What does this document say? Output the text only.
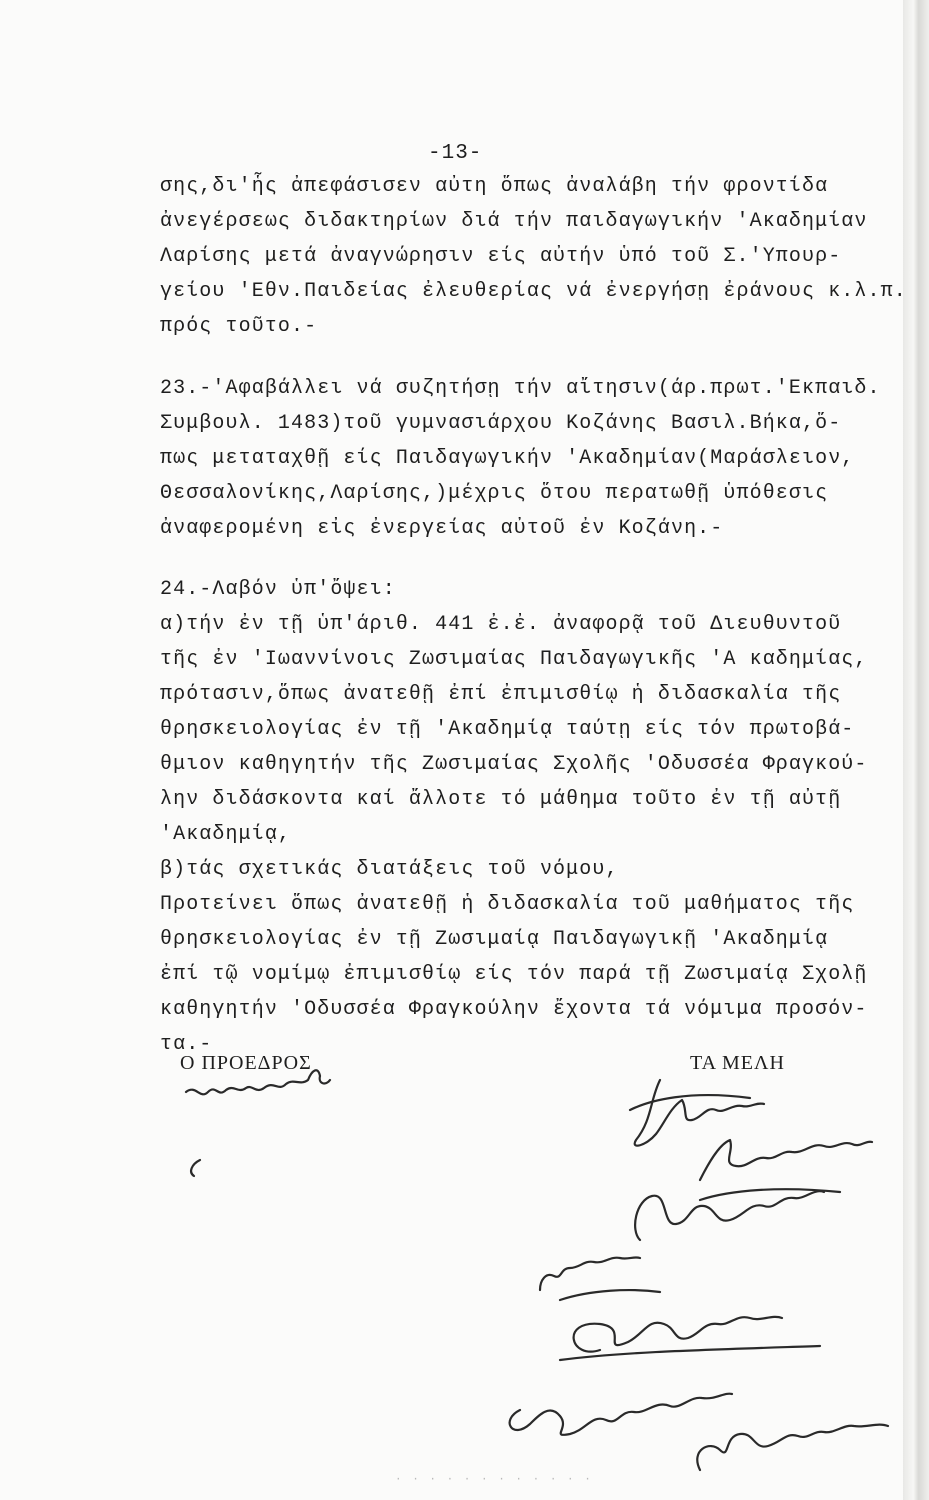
-13-
σης,δι'ἧς ἀπεφάσισεν αὐτη ὅπως ἀναλάβη τήν φροντίδα
ἀνεγέρσεως διδακτηρίων διά τήν παιδαγωγικήν 'Ακαδημίαν
Λαρίσης μετά ἀναγνώρησιν είς αὐτήν ὑπό τοῦ Σ.'Υπουρ-
γείου 'Εθν.Παιδείας ἐλευθερίας νά ἐνεργήσῃ ἐράνους κ.λ.π.
πρός τοῦτο.-
23.-'Αφαβάλλει νά συζητήσῃ τήν αἴτησιν(άρ.πρωτ.'Εκπαιδ.
Συμβουλ. 1483)τοῦ γυμνασιάρχου Κοζάνης Βασιλ.Βήκα,ὅ-
πως μεταταχθῇ είς Παιδαγωγικήν 'Ακαδημίαν(Μαράσλειον,
Θεσσαλονίκης,Λαρίσης,)μέχρις ὅτου περατωθῇ ὑπόθεσις
ἀναφερομένη εἰς ἐνεργείας αὐτοῦ ἐν Κοζάνη.-
24.-Λαβόν ὑπ'ὄψει:
α)τήν ἐν τῇ ὑπ'άριθ. 441 ἐ.ἐ. ἀναφορᾷ τοῦ Διευθυντοῦ
τῆς ἐν 'Ιωαννίνοις Ζωσιμαίας Παιδαγωγικῆς 'Α καδημίας,
πρότασιν,ὅπως ἀνατεθῇ ἐπί ἐπιμισθίῳ ἡ διδασκαλία τῆς
θρησκειολογίας ἐν τῇ 'Ακαδημίᾳ ταύτῃ είς τόν πρωτοβά-
θμιον καθηγητήν τῆς Ζωσιμαίας Σχολῆς 'Οδυσσέα Φραγκού-
λην διδάσκοντα καί ἄλλοτε τό μάθημα τοῦτο ἐν τῇ αὐτῇ
'Ακαδημίᾳ,
β)τάς σχετικάς διατάξεις τοῦ νόμου,
Προτείνει ὅπως ἀνατεθῇ ἡ διδασκαλία τοῦ μαθήματος τῆς
θρησκειολογίας ἐν τῇ Ζωσιμαίᾳ Παιδαγωγικῇ 'Ακαδημίᾳ
ἐπί τῷ νομίμῳ ἐπιμισθίῳ είς τόν παρά τῇ Ζωσιμαίᾳ Σχολῇ
καθηγητήν 'Οδυσσέα Φραγκούλην ἔχοντα τά νόμιμα προσόν-
τα.-
Ο ΠΡΟΕΔΡΟΣ	ΤΑ ΜΕΛΗ
· · · · · · · · · · · ·
